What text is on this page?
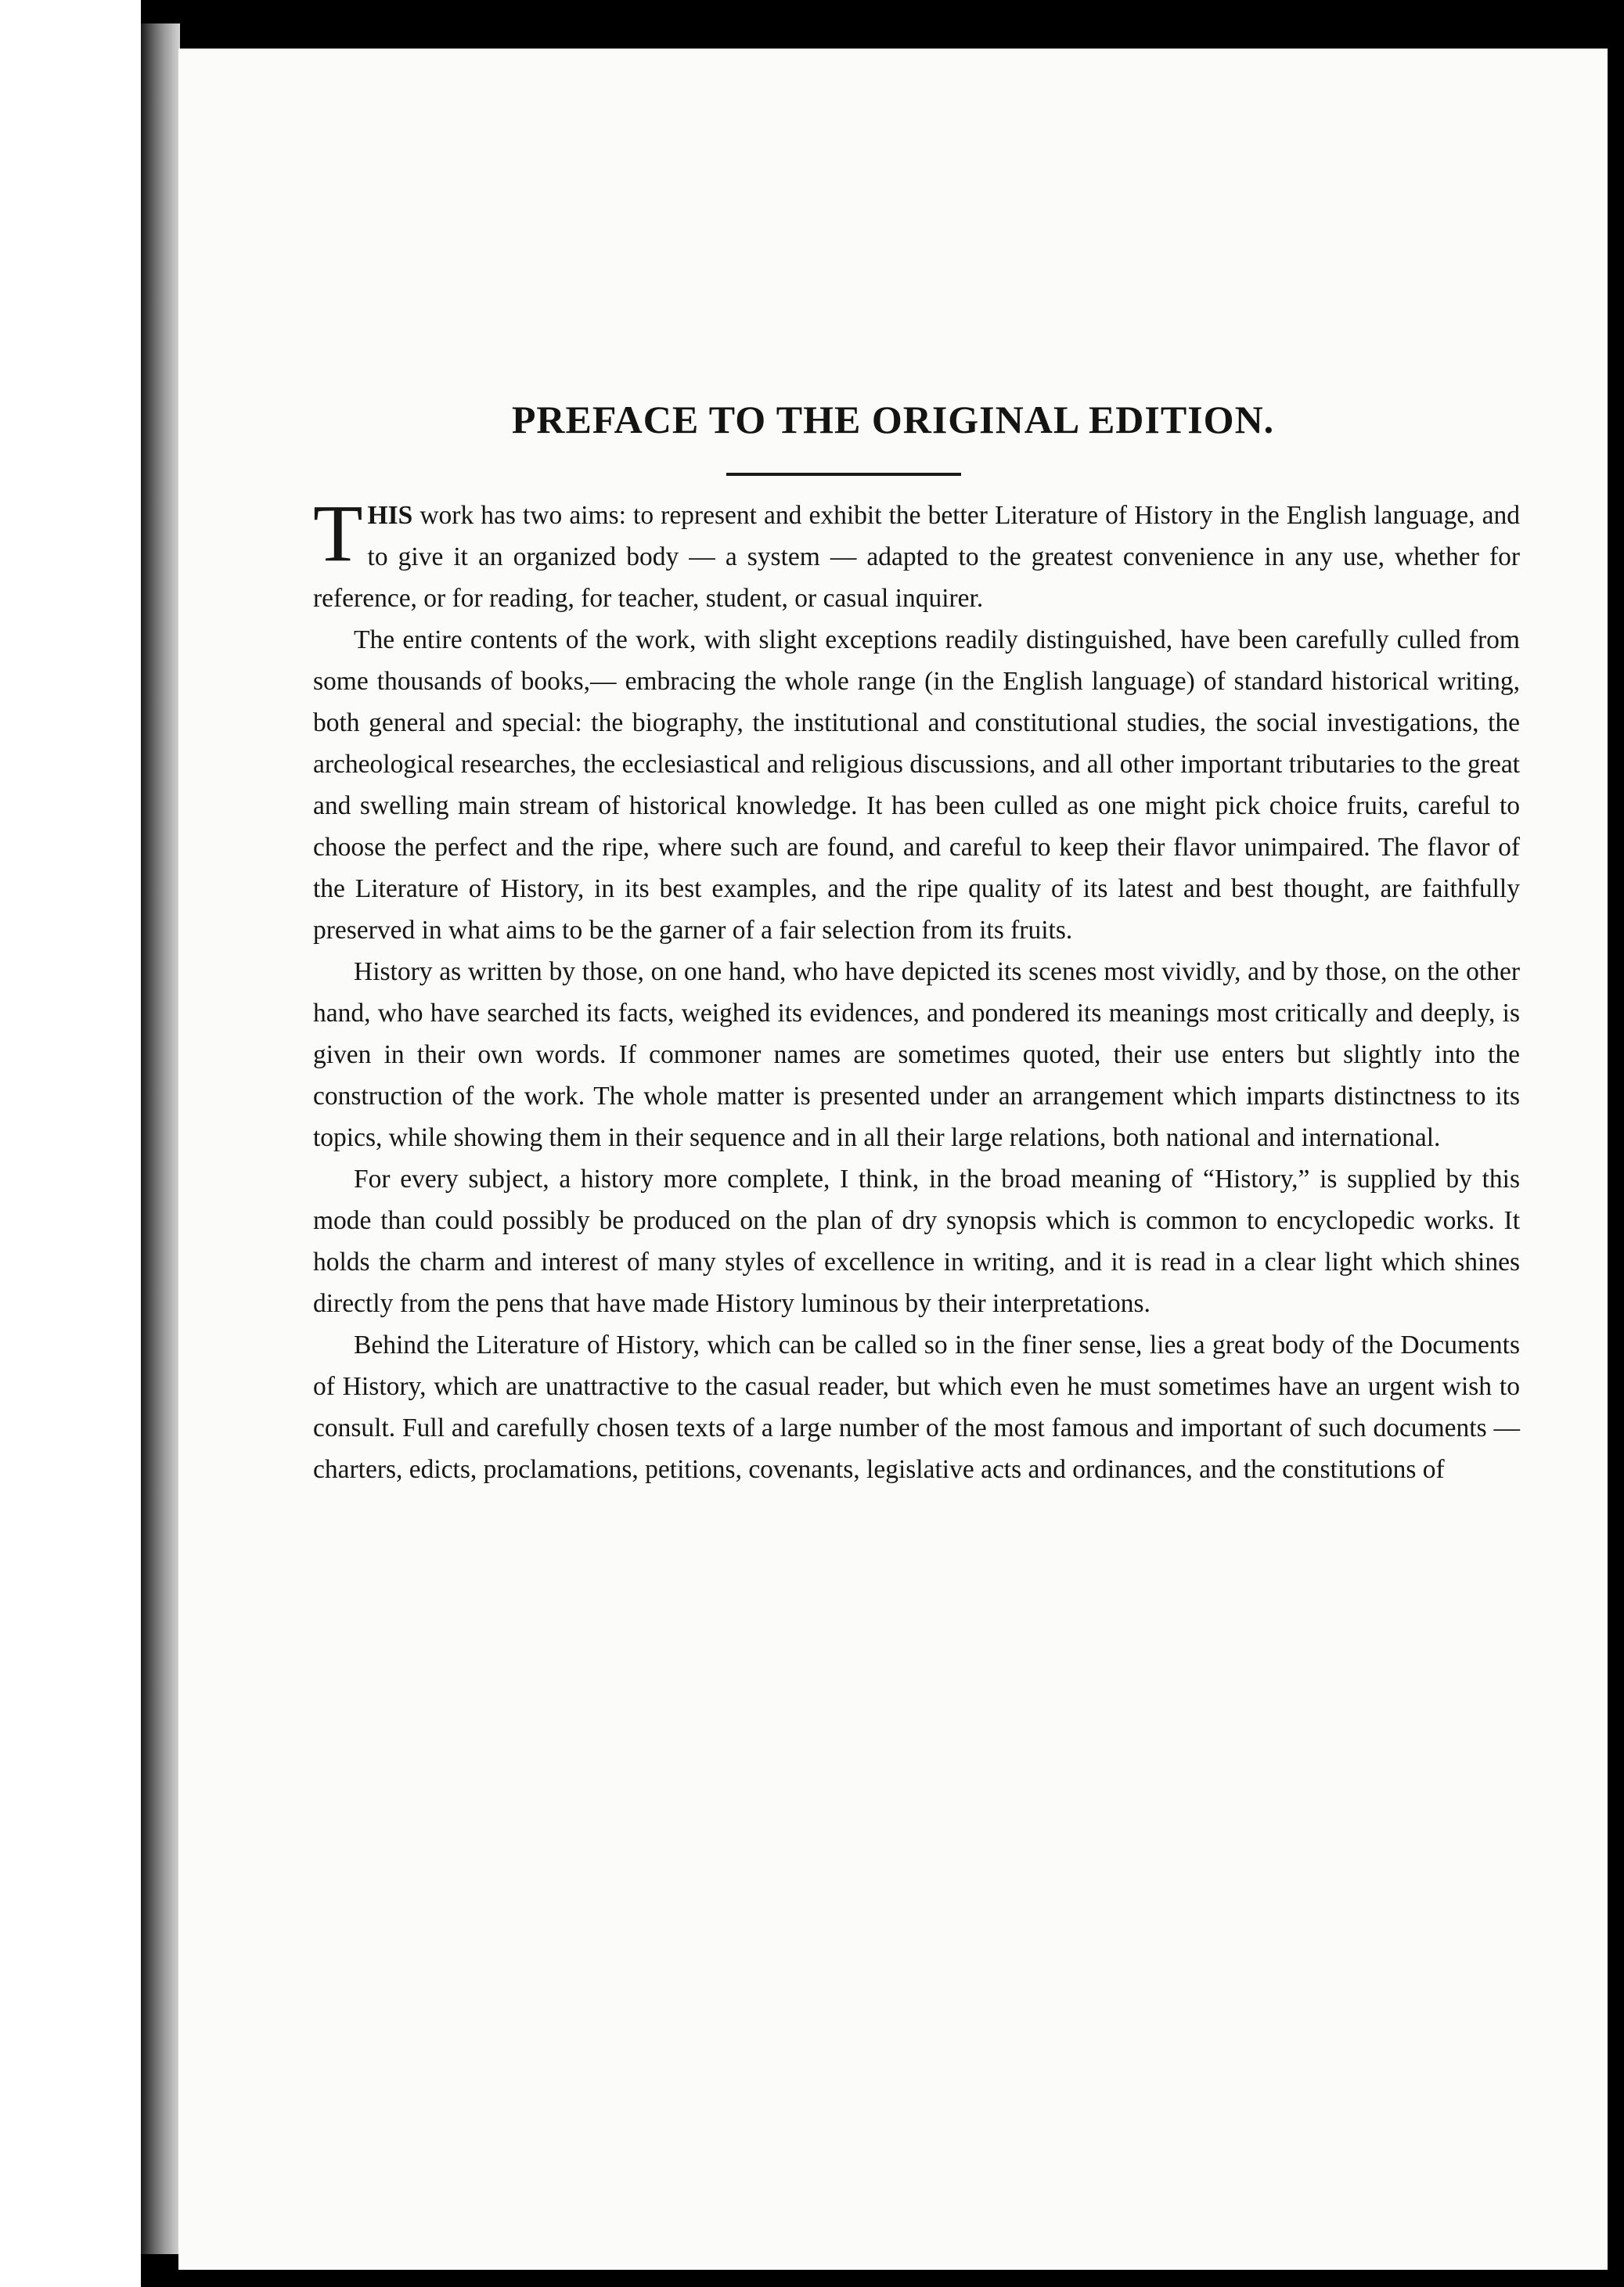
PREFACE TO THE ORIGINAL EDITION.

THIS work has two aims: to represent and exhibit the better Literature of History in the English language, and to give it an organized body — a system — adapted to the greatest convenience in any use, whether for reference, or for reading, for teacher, student, or casual inquirer.

The entire contents of the work, with slight exceptions readily distinguished, have been carefully culled from some thousands of books,— embracing the whole range (in the English language) of standard historical writing, both general and special: the biography, the institutional and constitutional studies, the social investigations, the archeological researches, the ecclesiastical and religious discussions, and all other important tributaries to the great and swelling main stream of historical knowledge. It has been culled as one might pick choice fruits, careful to choose the perfect and the ripe, where such are found, and careful to keep their flavor unimpaired. The flavor of the Literature of History, in its best examples, and the ripe quality of its latest and best thought, are faithfully preserved in what aims to be the garner of a fair selection from its fruits.

History as written by those, on one hand, who have depicted its scenes most vividly, and by those, on the other hand, who have searched its facts, weighed its evidences, and pondered its meanings most critically and deeply, is given in their own words. If commoner names are sometimes quoted, their use enters but slightly into the construction of the work. The whole matter is presented under an arrangement which imparts distinctness to its topics, while showing them in their sequence and in all their large relations, both national and international.

For every subject, a history more complete, I think, in the broad meaning of “History,” is supplied by this mode than could possibly be produced on the plan of dry synopsis which is common to encyclopedic works. It holds the charm and interest of many styles of excellence in writing, and it is read in a clear light which shines directly from the pens that have made History luminous by their interpretations.

Behind the Literature of History, which can be called so in the finer sense, lies a great body of the Documents of History, which are unattractive to the casual reader, but which even he must sometimes have an urgent wish to consult. Full and carefully chosen texts of a large number of the most famous and important of such documents — charters, edicts, proclamations, petitions, covenants, legislative acts and ordinances, and the constitutions of
